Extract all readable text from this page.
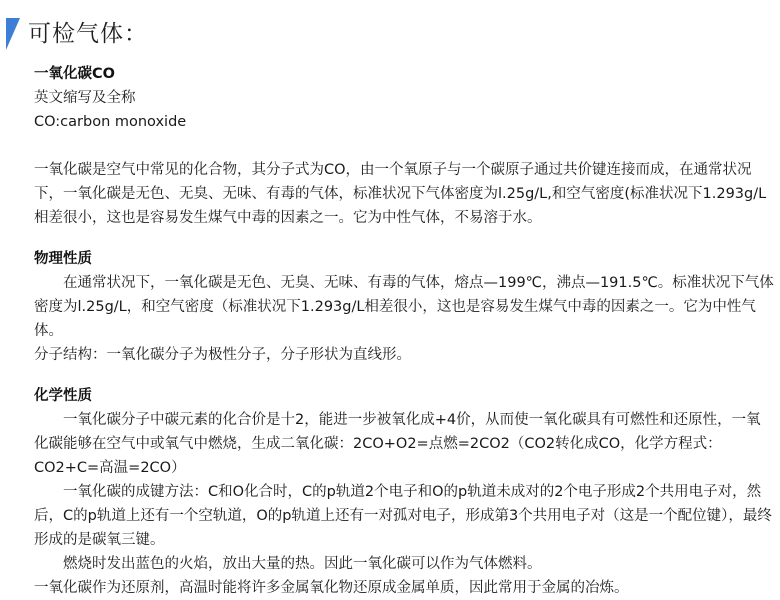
可检气体：

一氧化碳CO

英文缩写及全称

CO:carbon monoxide

一氧化碳是空气中常见的化合物，其分子式为CO，由一个氧原子与一个碳原子通过共价键连接而成，在通常状况下，一氧化碳是无色、无臭、无味、有毒的气体，标准状况下气体密度为l.25g/L,和空气密度(标准状况下1.293g/L相差很小，这也是容易发生煤气中毒的因素之一。它为中性气体，不易溶于水。

物理性质

在通常状况下，一氧化碳是无色、无臭、无味、有毒的气体，熔点—199℃，沸点—191.5℃。标准状况下气体密度为l.25g/L，和空气密度（标准状况下1.293g/L相差很小，这也是容易发生煤气中毒的因素之一。它为中性气体。

分子结构：一氧化碳分子为极性分子，分子形状为直线形。

化学性质

一氧化碳分子中碳元素的化合价是十2，能进一步被氧化成+4价，从而使一氧化碳具有可燃性和还原性，一氧化碳能够在空气中或氧气中燃烧，生成二氧化碳：2CO+O2=点燃=2CO2（CO2转化成CO，化学方程式：CO2+C=高温=2CO）

一氧化碳的成键方法：C和O化合时，C的p轨道2个电子和O的p轨道未成对的2个电子形成2个共用电子对，然后，C的p轨道上还有一个空轨道，O的p轨道上还有一对孤对电子，形成第3个共用电子对（这是一个配位键），最终形成的是碳氧三键。

燃烧时发出蓝色的火焰，放出大量的热。因此一氧化碳可以作为气体燃料。

一氧化碳作为还原剂，高温时能将许多金属氧化物还原成金属单质，因此常用于金属的冶炼。
